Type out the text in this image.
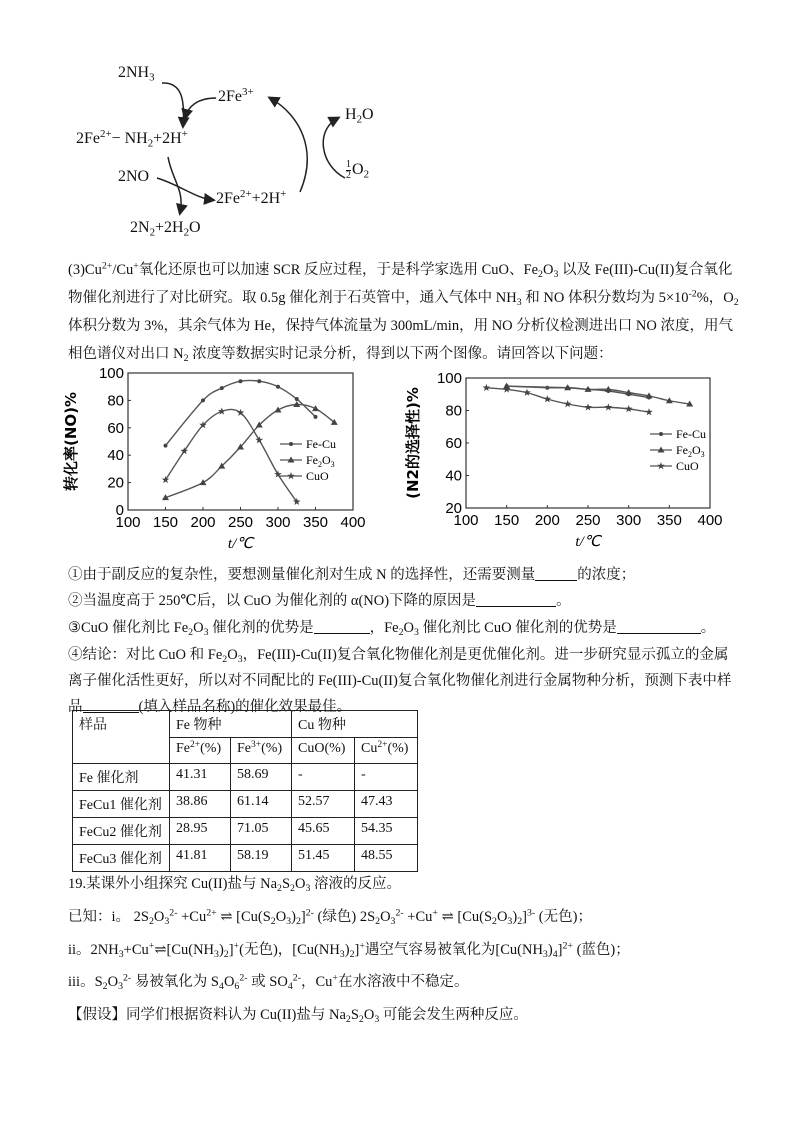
$2NH_3$
$2Fe^{3+}$
$2Fe^{2+}- NH_2+2H^+$
2NO
$2Fe^{2+}+2H^+$
$2N_2+2H_2O$
$H_2O$
$\frac{1}{2} O_2$
$(3)Cu^{2+}/Cu^+$氧化还原也可以加速 SCR 反应过程，于是科学家选用 CuO、$Fe_2O_3$ 以及 Fe(III)-Cu(II)复合氧化
物催化剂进行了对比研究。取 0.5g 催化剂于石英管中，通入气体中 $NH_3$ 和 NO 体积分数均为 $5\times 10^{-2}\%$，$O_2$
体积分数为 3%，其余气体为 He，保持气体流量为 300mL/min，用 NO 分析仪检测进出口 NO 浓度，用气
相色谱仪对出口 $N_2$ 浓度等数据实时记录分析，得到以下两个图像。请回答以下问题：
100 150 200 250 300 350 400
0
20
40
60
80
100
t/℃
转化率(NO)%	Fe-Cu
$Fe_2O_3$
CuO
100 150 200 250 300 350 400
20
40
60
80
100
t/℃
(N2的选择性)%	Fe-Cu
$Fe_2O_3$
CuO
①由于副反应的复杂性，要想测量催化剂对生成 N 的选择性，还需要测量	的浓度；
②当温度高于 250℃后，以 CuO 为催化剂的 α(NO)下降的原因是	。
③CuO 催化剂比 $Fe_2O_3$ 催化剂的优势是	，$Fe_2O_3$ 催化剂比 CuO 催化剂的优势是	。
④结论：对比 CuO 和 $Fe_2O_3$，Fe(III)-Cu(II)复合氧化物催化剂是更优催化剂。进一步研究显示孤立的金属
离子催化活性更好，所以对不同配比的 Fe(III)-Cu(II)复合氧化物催化剂进行金属物种分析，预测下表中样
品	(填入样品名称)的催化效果最佳。
样品	Fe 物种		Cu 物种	
	$Fe^{2+}(\%)$	$Fe^{3+}(\%)$	CuO(%)	$Cu^{2+}(\%)$
Fe 催化剂	41.31	58.69	-	-
FeCu1 催化剂	38.86	61.14	52.57	47.43
FeCu2 催化剂	28.95	71.05	45.65	54.35
FeCu3 催化剂	41.81	58.19	51.45	48.55
19.某课外小组探究 Cu(II)盐与 $Na_2S_2O_3$ 溶液的反应。
已知：i。 $2S_2O_3^{2-} +Cu^{2+}$ ⇌ $[Cu(S_2O_3)_2]^{2-}$ (绿色) $2S_2O_3^{2-} +Cu^+$ ⇌ $[Cu(S_2O_3)_2]^{3-}$ (无色)；
ii。$2NH_3+Cu^+\rightleftharpoons[Cu(NH_3)_2]^+$(无色)，$[Cu(NH_3)_2]^+$遇空气容易被氧化为$[Cu(NH_3)_4]^{2+}$ (蓝色)；
iii。$S_2O_3^{2-}$ 易被氧化为 $S_4O_6^{2-}$ 或 $SO_4^{2-}$，Cu+在水溶液中不稳定。
【假设】同学们根据资料认为 Cu(II)盐与 $Na_2S_2O_3$ 可能会发生两种反应。
